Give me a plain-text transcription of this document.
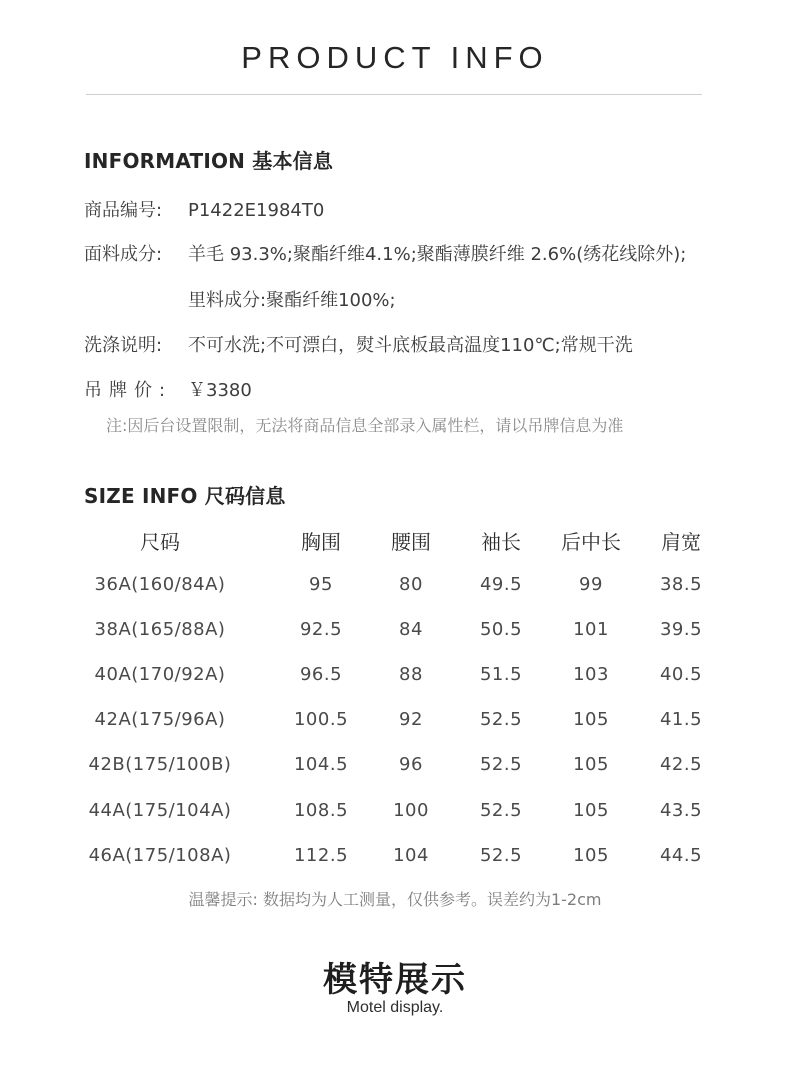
PRODUCT INFO
INFORMATION 基本信息
商品编号: P1422E1984T0
面料成分: 羊毛 93.3%;聚酯纤维4.1%;聚酯薄膜纤维 2.6%(绣花线除外);
里料成分:聚酯纤维100%;
洗涤说明: 不可水洗;不可漂白，熨斗底板最高温度110℃;常规干洗
吊牌价: ￥3380
注:因后台设置限制，无法将商品信息全部录入属性栏，请以吊牌信息为准
SIZE INFO 尺码信息
尺码	胸围	腰围	袖长	后中长	肩宽
36A(160/84A)	95	80	49.5	99	38.5
38A(165/88A)	92.5	84	50.5	101	39.5
40A(170/92A)	96.5	88	51.5	103	40.5
42A(175/96A)	100.5	92	52.5	105	41.5
42B(175/100B)	104.5	96	52.5	105	42.5
44A(175/104A)	108.5	100	52.5	105	43.5
46A(175/108A)	112.5	104	52.5	105	44.5
温馨提示: 数据均为人工测量，仅供参考。误差约为1-2cm
模特展示
Motel display.
